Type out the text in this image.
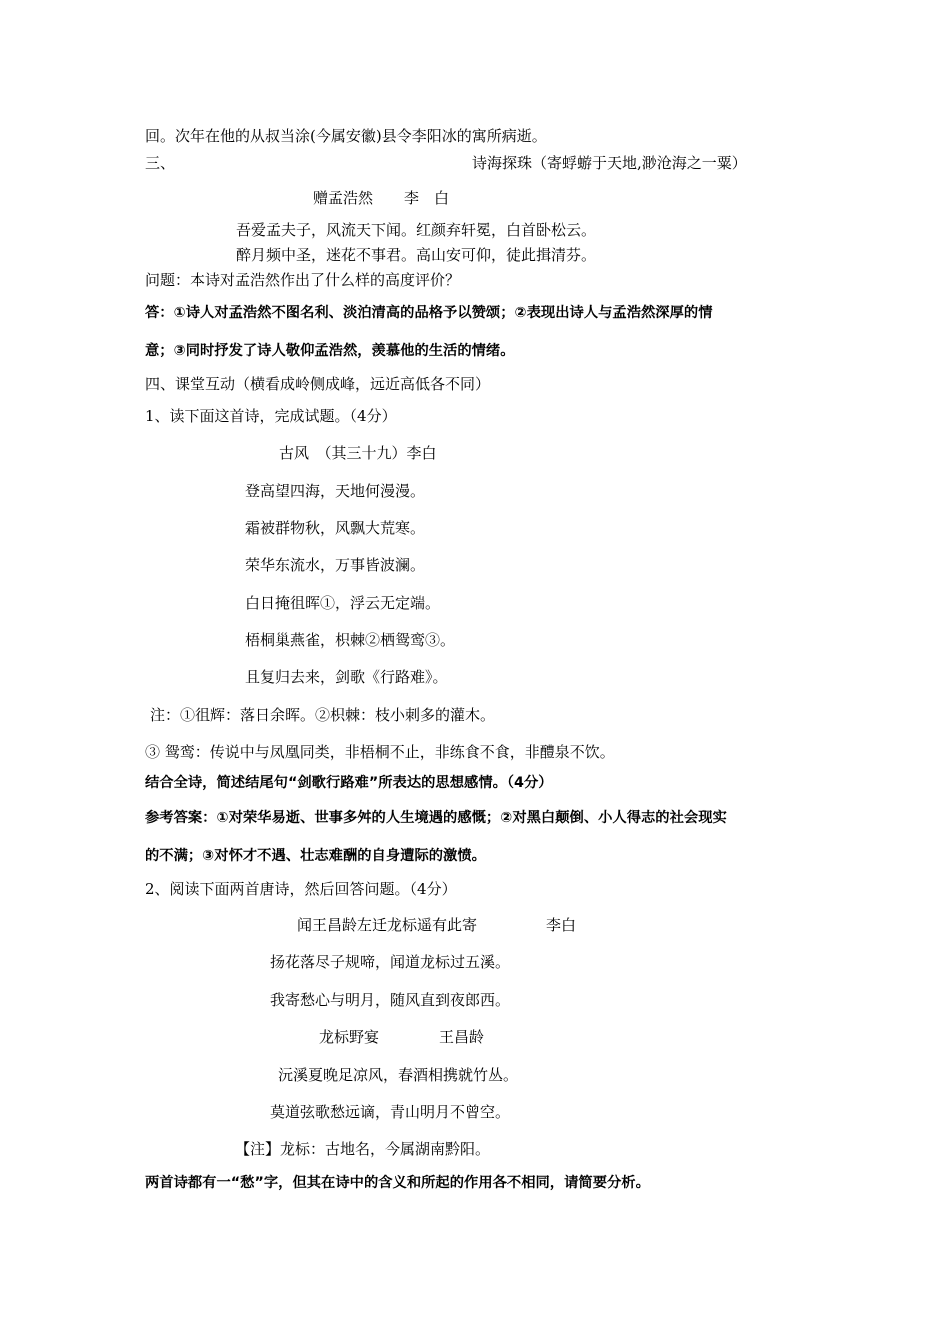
回。次年在他的从叔当涂(今属安徽)县令李阳冰的寓所病逝。
三、	诗海探珠（寄蜉蝣于天地,渺沧海之一粟）
赠孟浩然 李　白
吾爱孟夫子，风流天下闻。红颜弃轩冕，白首卧松云。
醉月频中圣，迷花不事君。高山安可仰，徒此揖清芬。
问题：本诗对孟浩然作出了什么样的高度评价？
答：①诗人对孟浩然不图名利、淡泊清高的品格予以赞颂；②表现出诗人与孟浩然深厚的情
意；③同时抒发了诗人敬仰孟浩然，羡慕他的生活的情绪。
四、课堂互动（横看成岭侧成峰，远近高低各不同）
1、读下面这首诗，完成试题。（4分）
古风　（其三十九）李白
登高望四海，天地何漫漫。
霜被群物秋，风飘大荒寒。
荣华东流水，万事皆波澜。
白日掩徂晖①，浮云无定端。
梧桐巢燕雀，枳棘②栖鸳鸾③。
且复归去来，剑歌《行路难》。
注：①徂辉：落日余晖。②枳棘：枝小刺多的灌木。
③ 鸳鸾：传说中与凤凰同类，非梧桐不止，非练食不食，非醴泉不饮。
结合全诗，简述结尾句“剑歌行路难”所表达的思想感情。（4分）
参考答案：①对荣华易逝、世事多舛的人生境遇的感慨；②对黑白颠倒、小人得志的社会现实
的不满；③对怀才不遇、壮志难酬的自身遭际的激愤。
2、阅读下面两首唐诗，然后回答问题。（4分）
闻王昌龄左迁龙标遥有此寄	李白
扬花落尽子规啼，闻道龙标过五溪。
我寄愁心与明月，随风直到夜郎西。
龙标野宴	王昌龄
沅溪夏晚足凉风，春酒相携就竹丛。
莫道弦歌愁远谪，青山明月不曾空。
【注】龙标：古地名，今属湖南黔阳。
两首诗都有一“愁”字，但其在诗中的含义和所起的作用各不相同，请简要分析。
